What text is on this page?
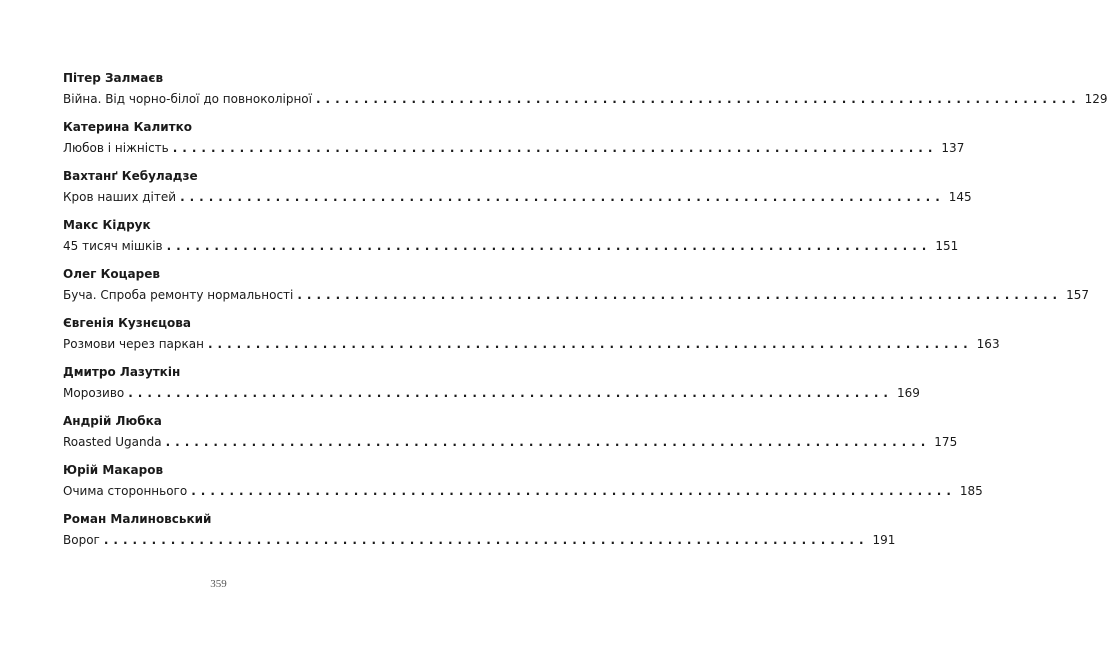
Пітер Залмаєв
Війна. Від чорно-білої до повноколірної ................................................................................ 129
Катерина Калитко
Любов і ніжність ................................................................................ 137
Вахтанґ Кебуладзе
Кров наших дітей ................................................................................ 145
Макс Кідрук
45 тисяч мішків ................................................................................ 151
Олег Коцарев
Буча. Спроба ремонту нормальності ................................................................................ 157
Євгенія Кузнєцова
Розмови через паркан ................................................................................ 163
Дмитро Лазуткін
Морозиво ................................................................................ 169
Андрій Любка
Roasted Uganda ................................................................................ 175
Юрій Макаров
Очима стороннього ................................................................................ 185
Роман Малиновський
Ворог ................................................................................ 191
359
